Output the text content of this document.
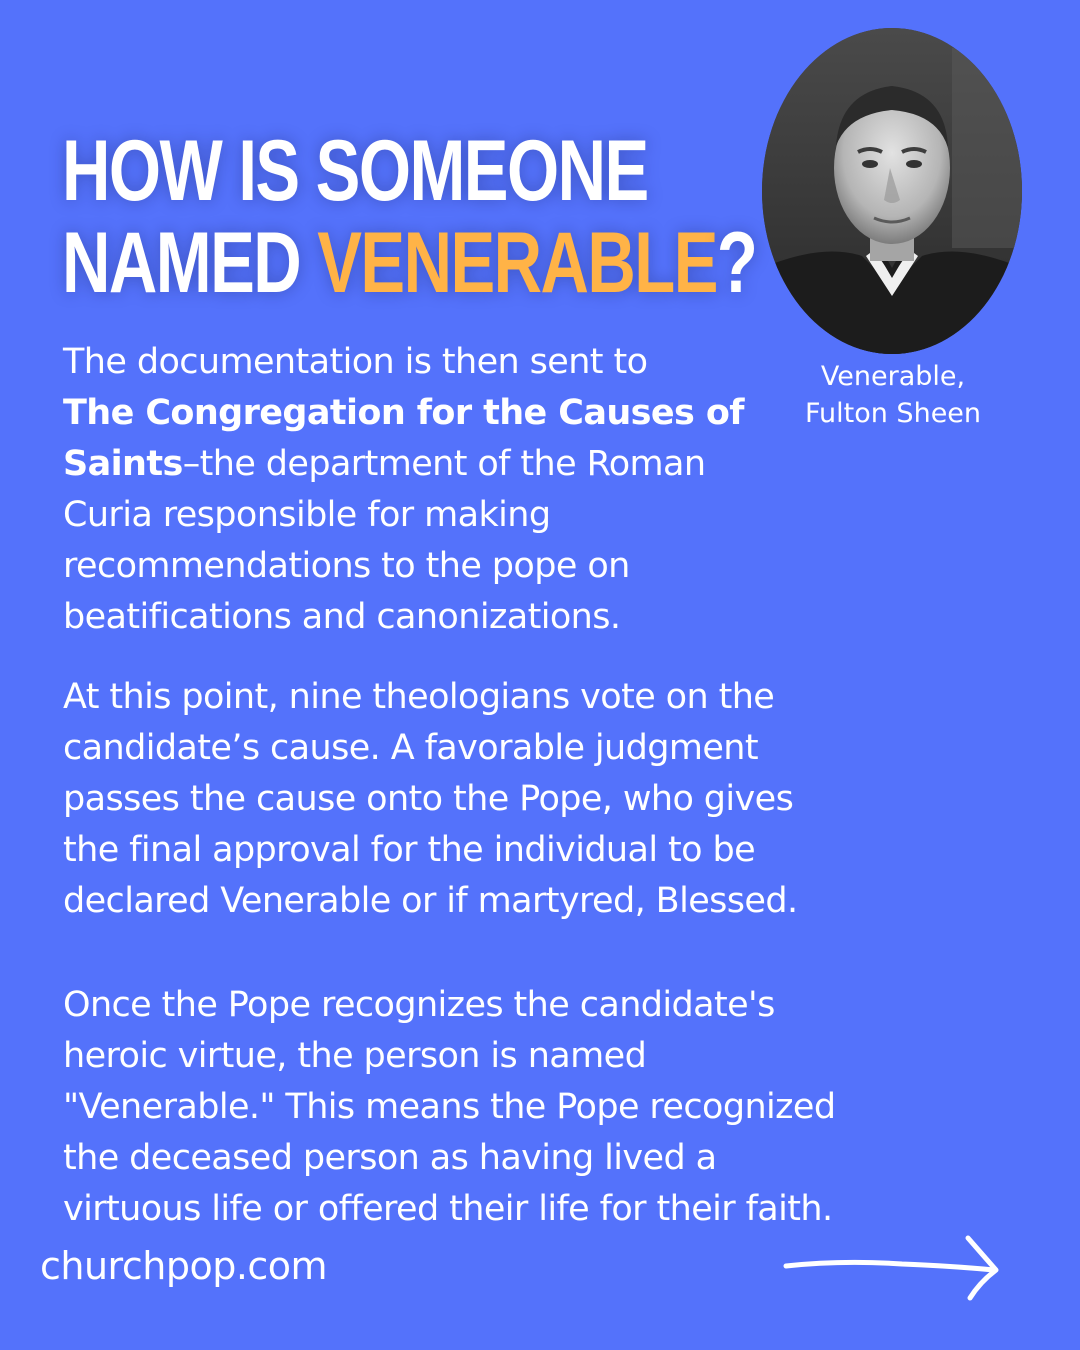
HOW IS SOMEONE
NAMED VENERABLE?
Venerable,
Fulton Sheen

The documentation is then sent to
The Congregation for the Causes of
Saints–the department of the Roman
Curia responsible for making
recommendations to the pope on
beatifications and canonizations.

At this point, nine theologians vote on the
candidate’s cause. A favorable judgment
passes the cause onto the Pope, who gives
the final approval for the individual to be
declared Venerable or if martyred, Blessed.

Once the Pope recognizes the candidate's
heroic virtue, the person is named
"Venerable." This means the Pope recognized
the deceased person as having lived a
virtuous life or offered their life for their faith.

churchpop.com
